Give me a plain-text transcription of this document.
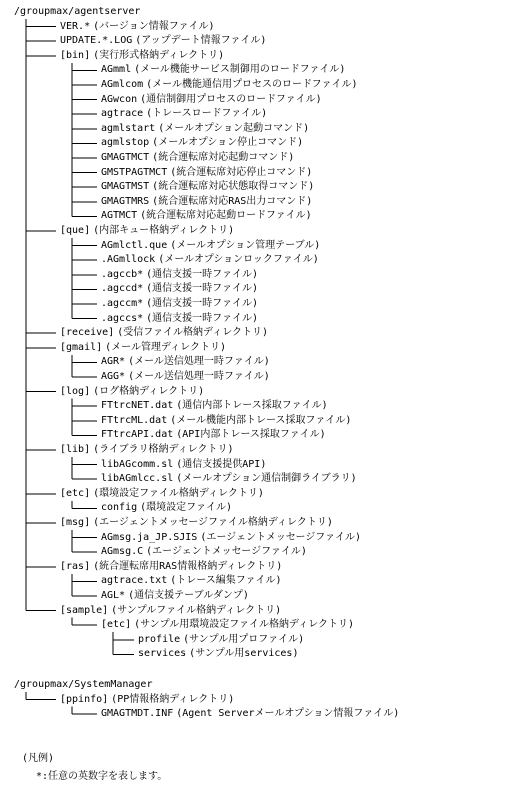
/groupmax/agentserver
VER.* (バージョン情報ファイル)
UPDATE.*.LOG (アップデート情報ファイル)
[bin] (実行形式格納ディレクトリ)
AGmml (メール機能サービス制御用のロードファイル)
AGmlcom (メール機能通信用プロセスのロードファイル)
AGwcon (通信制御用プロセスのロードファイル)
agtrace (トレースロードファイル)
agmlstart (メールオプション起動コマンド)
agmlstop (メールオプション停止コマンド)
GMAGTMCT (統合運転席対応起動コマンド)
GMSTPAGTMCT (統合運転席対応停止コマンド)
GMAGTMST (統合運転席対応状態取得コマンド)
GMAGTMRS (統合運転席対応RAS出力コマンド)
AGTMCT (統合運転席対応起動ロードファイル)
[que] (内部キュー格納ディレクトリ)
AGmlctl.que (メールオプション管理テーブル)
.AGmllock (メールオプションロックファイル)
.agccb* (通信支援一時ファイル)
.agccd* (通信支援一時ファイル)
.agccm* (通信支援一時ファイル)
.agccs* (通信支援一時ファイル)
[receive] (受信ファイル格納ディレクトリ)
[gmail] (メール管理ディレクトリ)
AGR* (メール送信処理一時ファイル)
AGG* (メール送信処理一時ファイル)
[log] (ログ格納ディレクトリ)
FTtrcNET.dat (通信内部トレース採取ファイル)
FTtrcML.dat (メール機能内部トレース採取ファイル)
FTtrcAPI.dat (API内部トレース採取ファイル)
[lib] (ライブラリ格納ディレクトリ)
libAGcomm.sl (通信支援提供API)
libAGmlcc.sl (メールオプション通信制御ライブラリ)
[etc] (環境設定ファイル格納ディレクトリ)
config (環境設定ファイル)
[msg] (エージェントメッセージファイル格納ディレクトリ)
AGmsg.ja_JP.SJIS (エージェントメッセージファイル)
AGmsg.C (エージェントメッセージファイル)
[ras] (統合運転席用RAS情報格納ディレクトリ)
agtrace.txt (トレース編集ファイル)
AGL* (通信支援テーブルダンプ)
[sample] (サンプルファイル格納ディレクトリ)
[etc] (サンプル用環境設定ファイル格納ディレクトリ)
profile (サンプル用プロファイル)
services (サンプル用services)
/groupmax/SystemManager
[ppinfo] (PP情報格納ディレクトリ)
GMAGTMDT.INF (Agent Serverメールオプション情報ファイル)
(凡例)
*:任意の英数字を表します。
